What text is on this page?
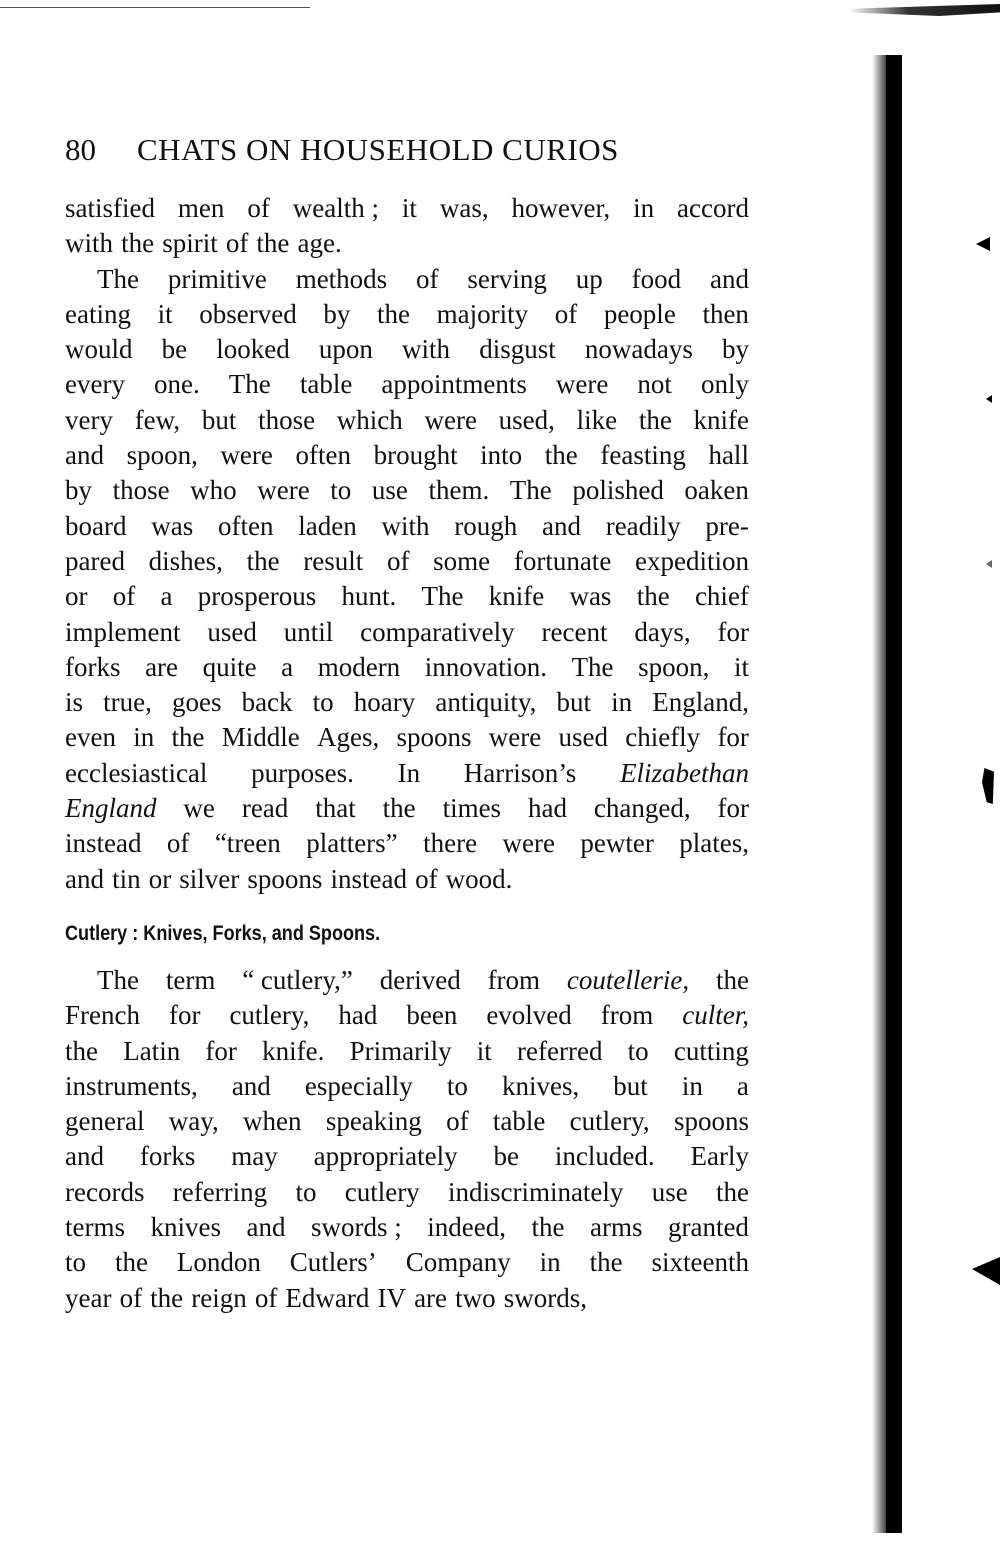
80 CHATS ON HOUSEHOLD CURIOS
satisfied men of wealth ; it was, however, in accord
with the spirit of the age.
The primitive methods of serving up food and
eating it observed by the majority of people then
would be looked upon with disgust nowadays by
every one. The table appointments were not only
very few, but those which were used, like the knife
and spoon, were often brought into the feasting hall
by those who were to use them. The polished oaken
board was often laden with rough and readily pre-
pared dishes, the result of some fortunate expedition
or of a prosperous hunt. The knife was the chief
implement used until comparatively recent days, for
forks are quite a modern innovation. The spoon, it
is true, goes back to hoary antiquity, but in England,
even in the Middle Ages, spoons were used chiefly for
ecclesiastical purposes. In Harrison’s Elizabethan
England we read that the times had changed, for
instead of “treen platters” there were pewter plates,
and tin or silver spoons instead of wood.
Cutlery : Knives, Forks, and Spoons.
The term “ cutlery,” derived from coutellerie, the
French for cutlery, had been evolved from culter,
the Latin for knife. Primarily it referred to cutting
instruments, and especially to knives, but in a
general way, when speaking of table cutlery, spoons
and forks may appropriately be included. Early
records referring to cutlery indiscriminately use the
terms knives and swords ; indeed, the arms granted
to the London Cutlers’ Company in the sixteenth
year of the reign of Edward IV are two swords,
